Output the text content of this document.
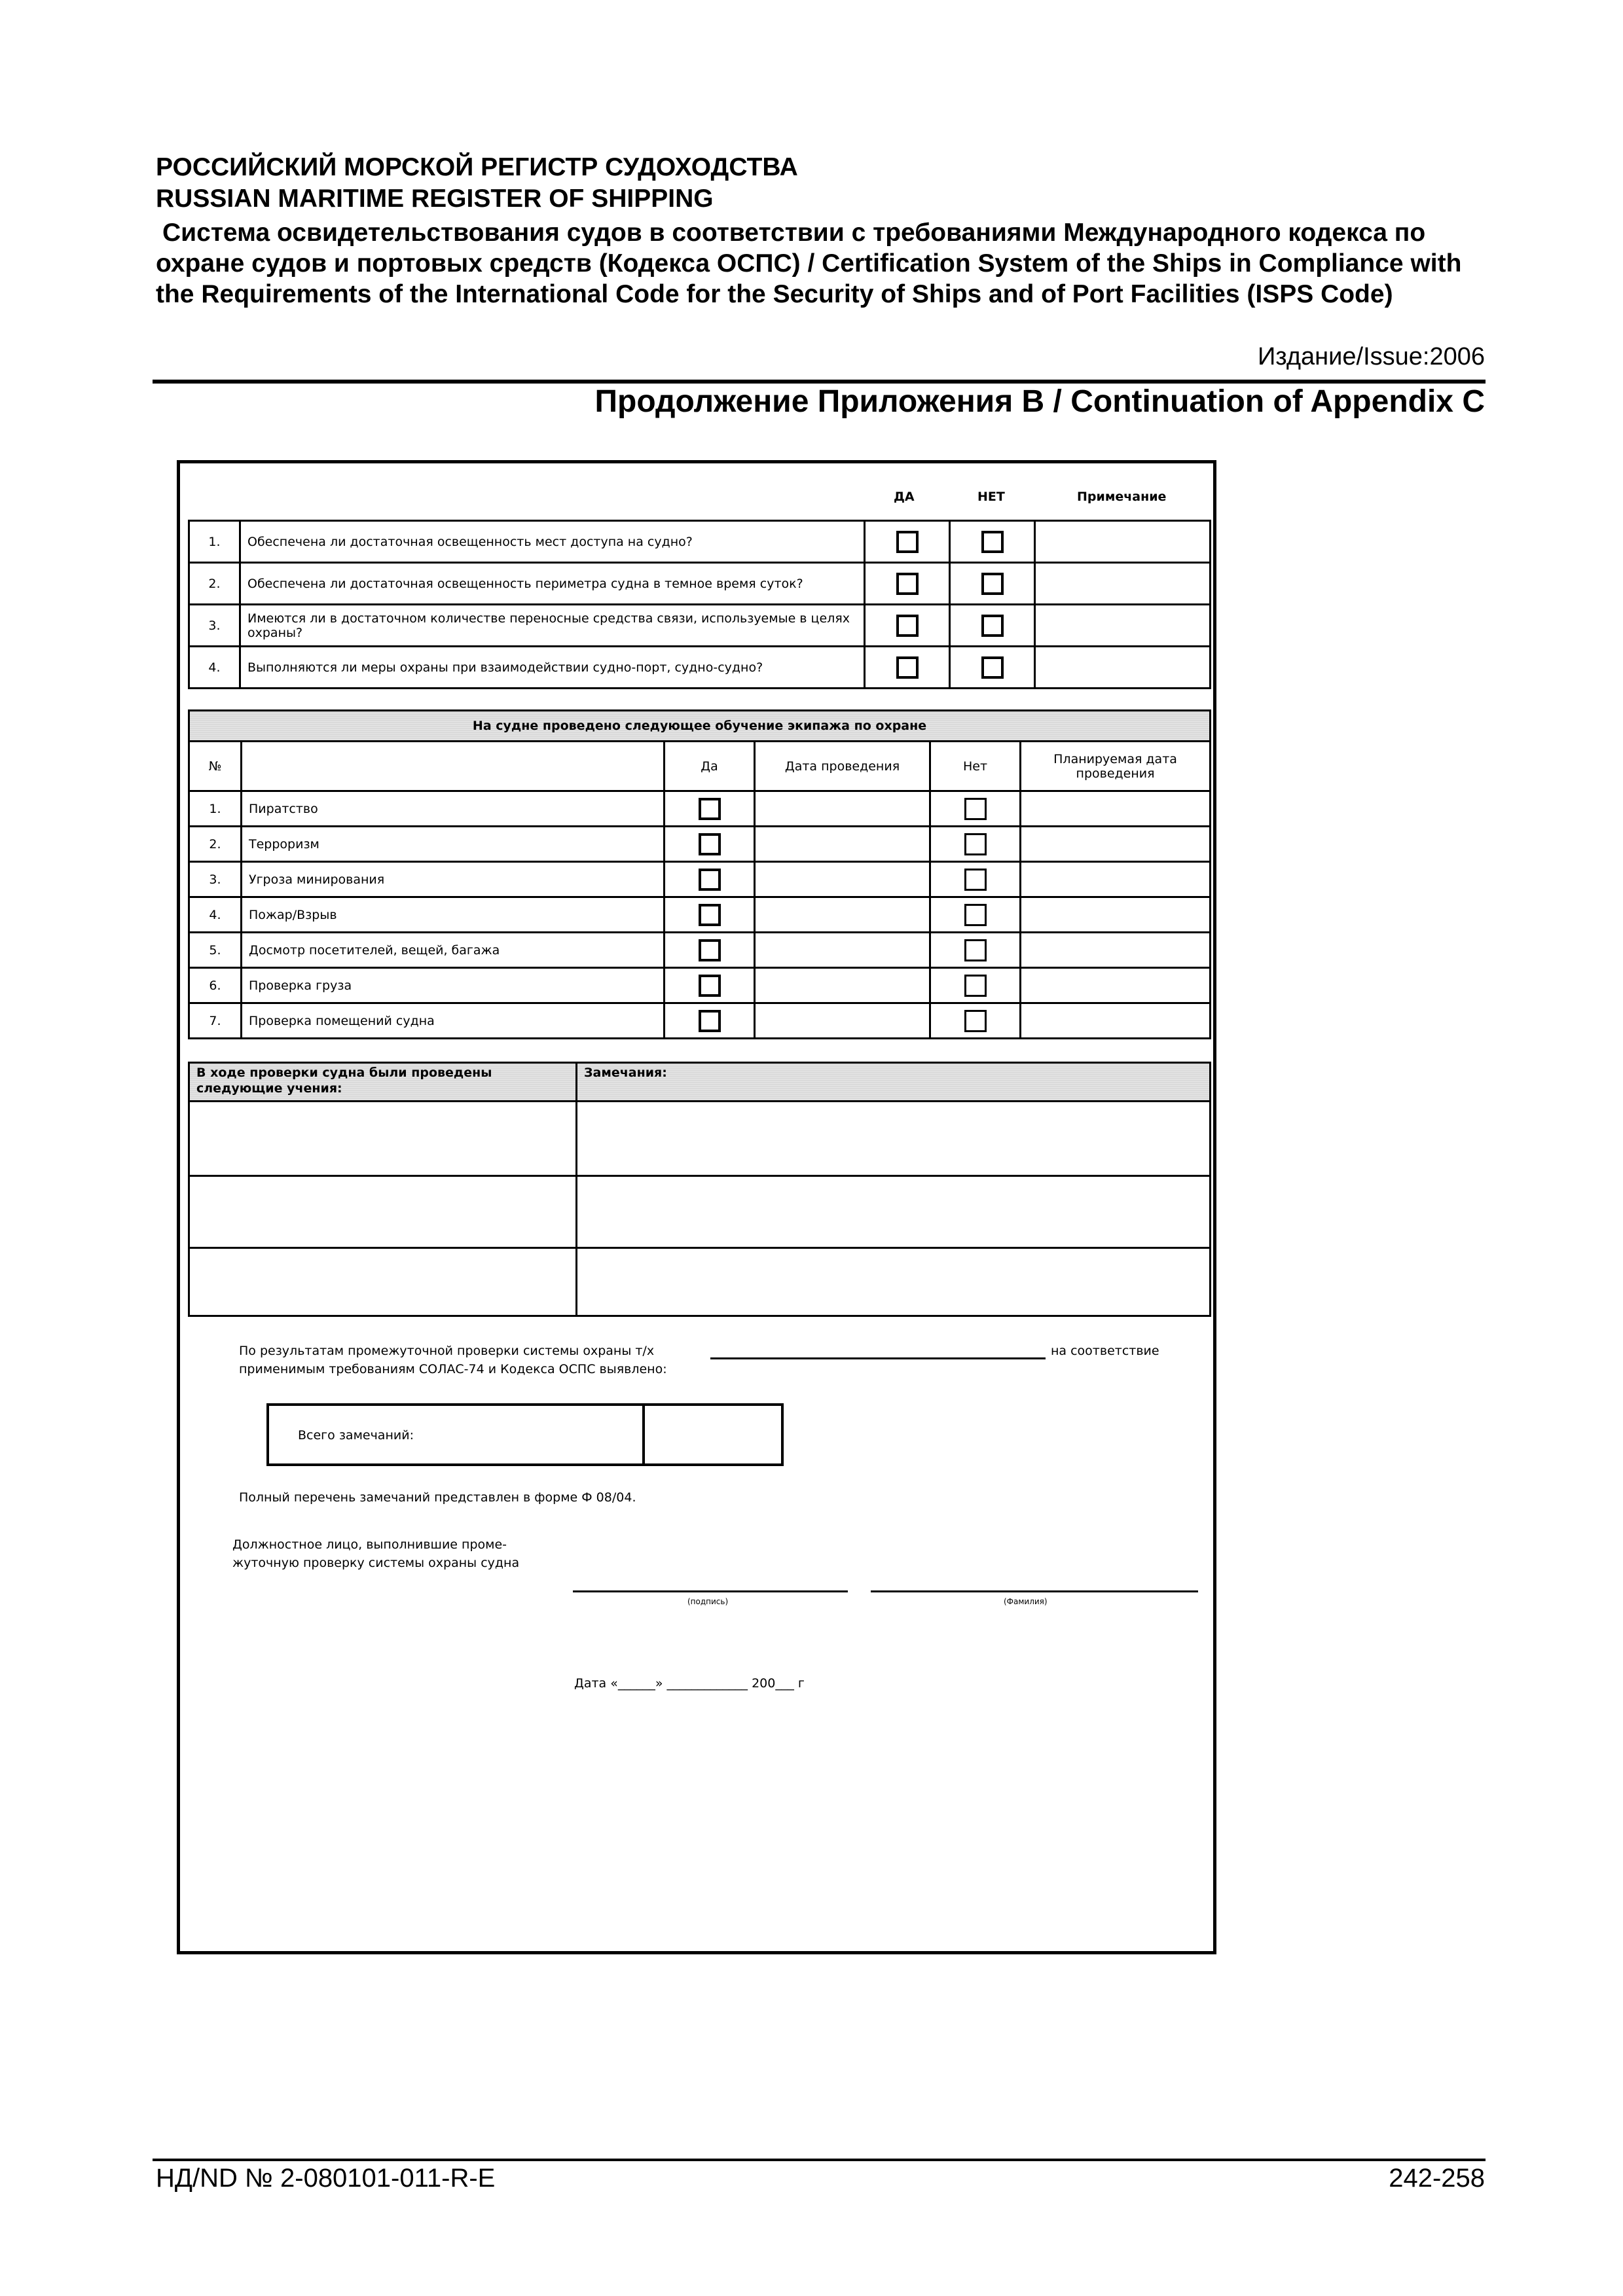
РОССИЙСКИЙ МОРСКОЙ РЕГИСТР СУДОХОДСТВА
RUSSIAN MARITIME REGISTER OF SHIPPING
Система освидетельствования судов в соответствии с требованиями Международного кодекса по охране судов и портовых средств (Кодекса ОСПС) / Certification System of the Ships in Compliance with the Requirements of the International Code for the Security of Ships and of Port Facilities (ISPS Code)
Издание/Issue:2006
Продолжение Приложения В / Continuation of Appendix C
ДА	НЕТ	Примечание
1.	Обеспечена ли достаточная освещенность мест доступа на судно?			
2.	Обеспечена ли достаточная освещенность периметра судна в темное время суток?			
3.	Имеются ли в достаточном количестве переносные средства связи, используемые в целях охраны?			
4.	Выполняются ли меры охраны при взаимодействии судно-порт, судно-судно?			
На судне проведено следующее обучение экипажа по охране					
№		Да	Дата проведения	Нет	Планируемая дата проведения
1.	Пиратство				
2.	Терроризм				
3.	Угроза минирования				
4.	Пожар/Взрыв				
5.	Досмотр посетителей, вещей, багажа				
6.	Проверка груза				
7.	Проверка помещений судна				
В ходе проверки судна были проведены следующие учения:	Замечания:

По результатам промежуточной проверки системы охраны т/х	на соответствие
применимым требованиям СОЛАС-74 и Кодекса ОСПС выявлено:
Всего замечаний:
Полный перечень замечаний представлен в форме Ф 08/04.
Должностное лицо, выполнившие проме-
жуточную проверку системы охраны судна
(подпись)	(Фамилия)
Дата «______» _____________ 200___ г
НД/ND № 2-080101-011-R-E	242-258
